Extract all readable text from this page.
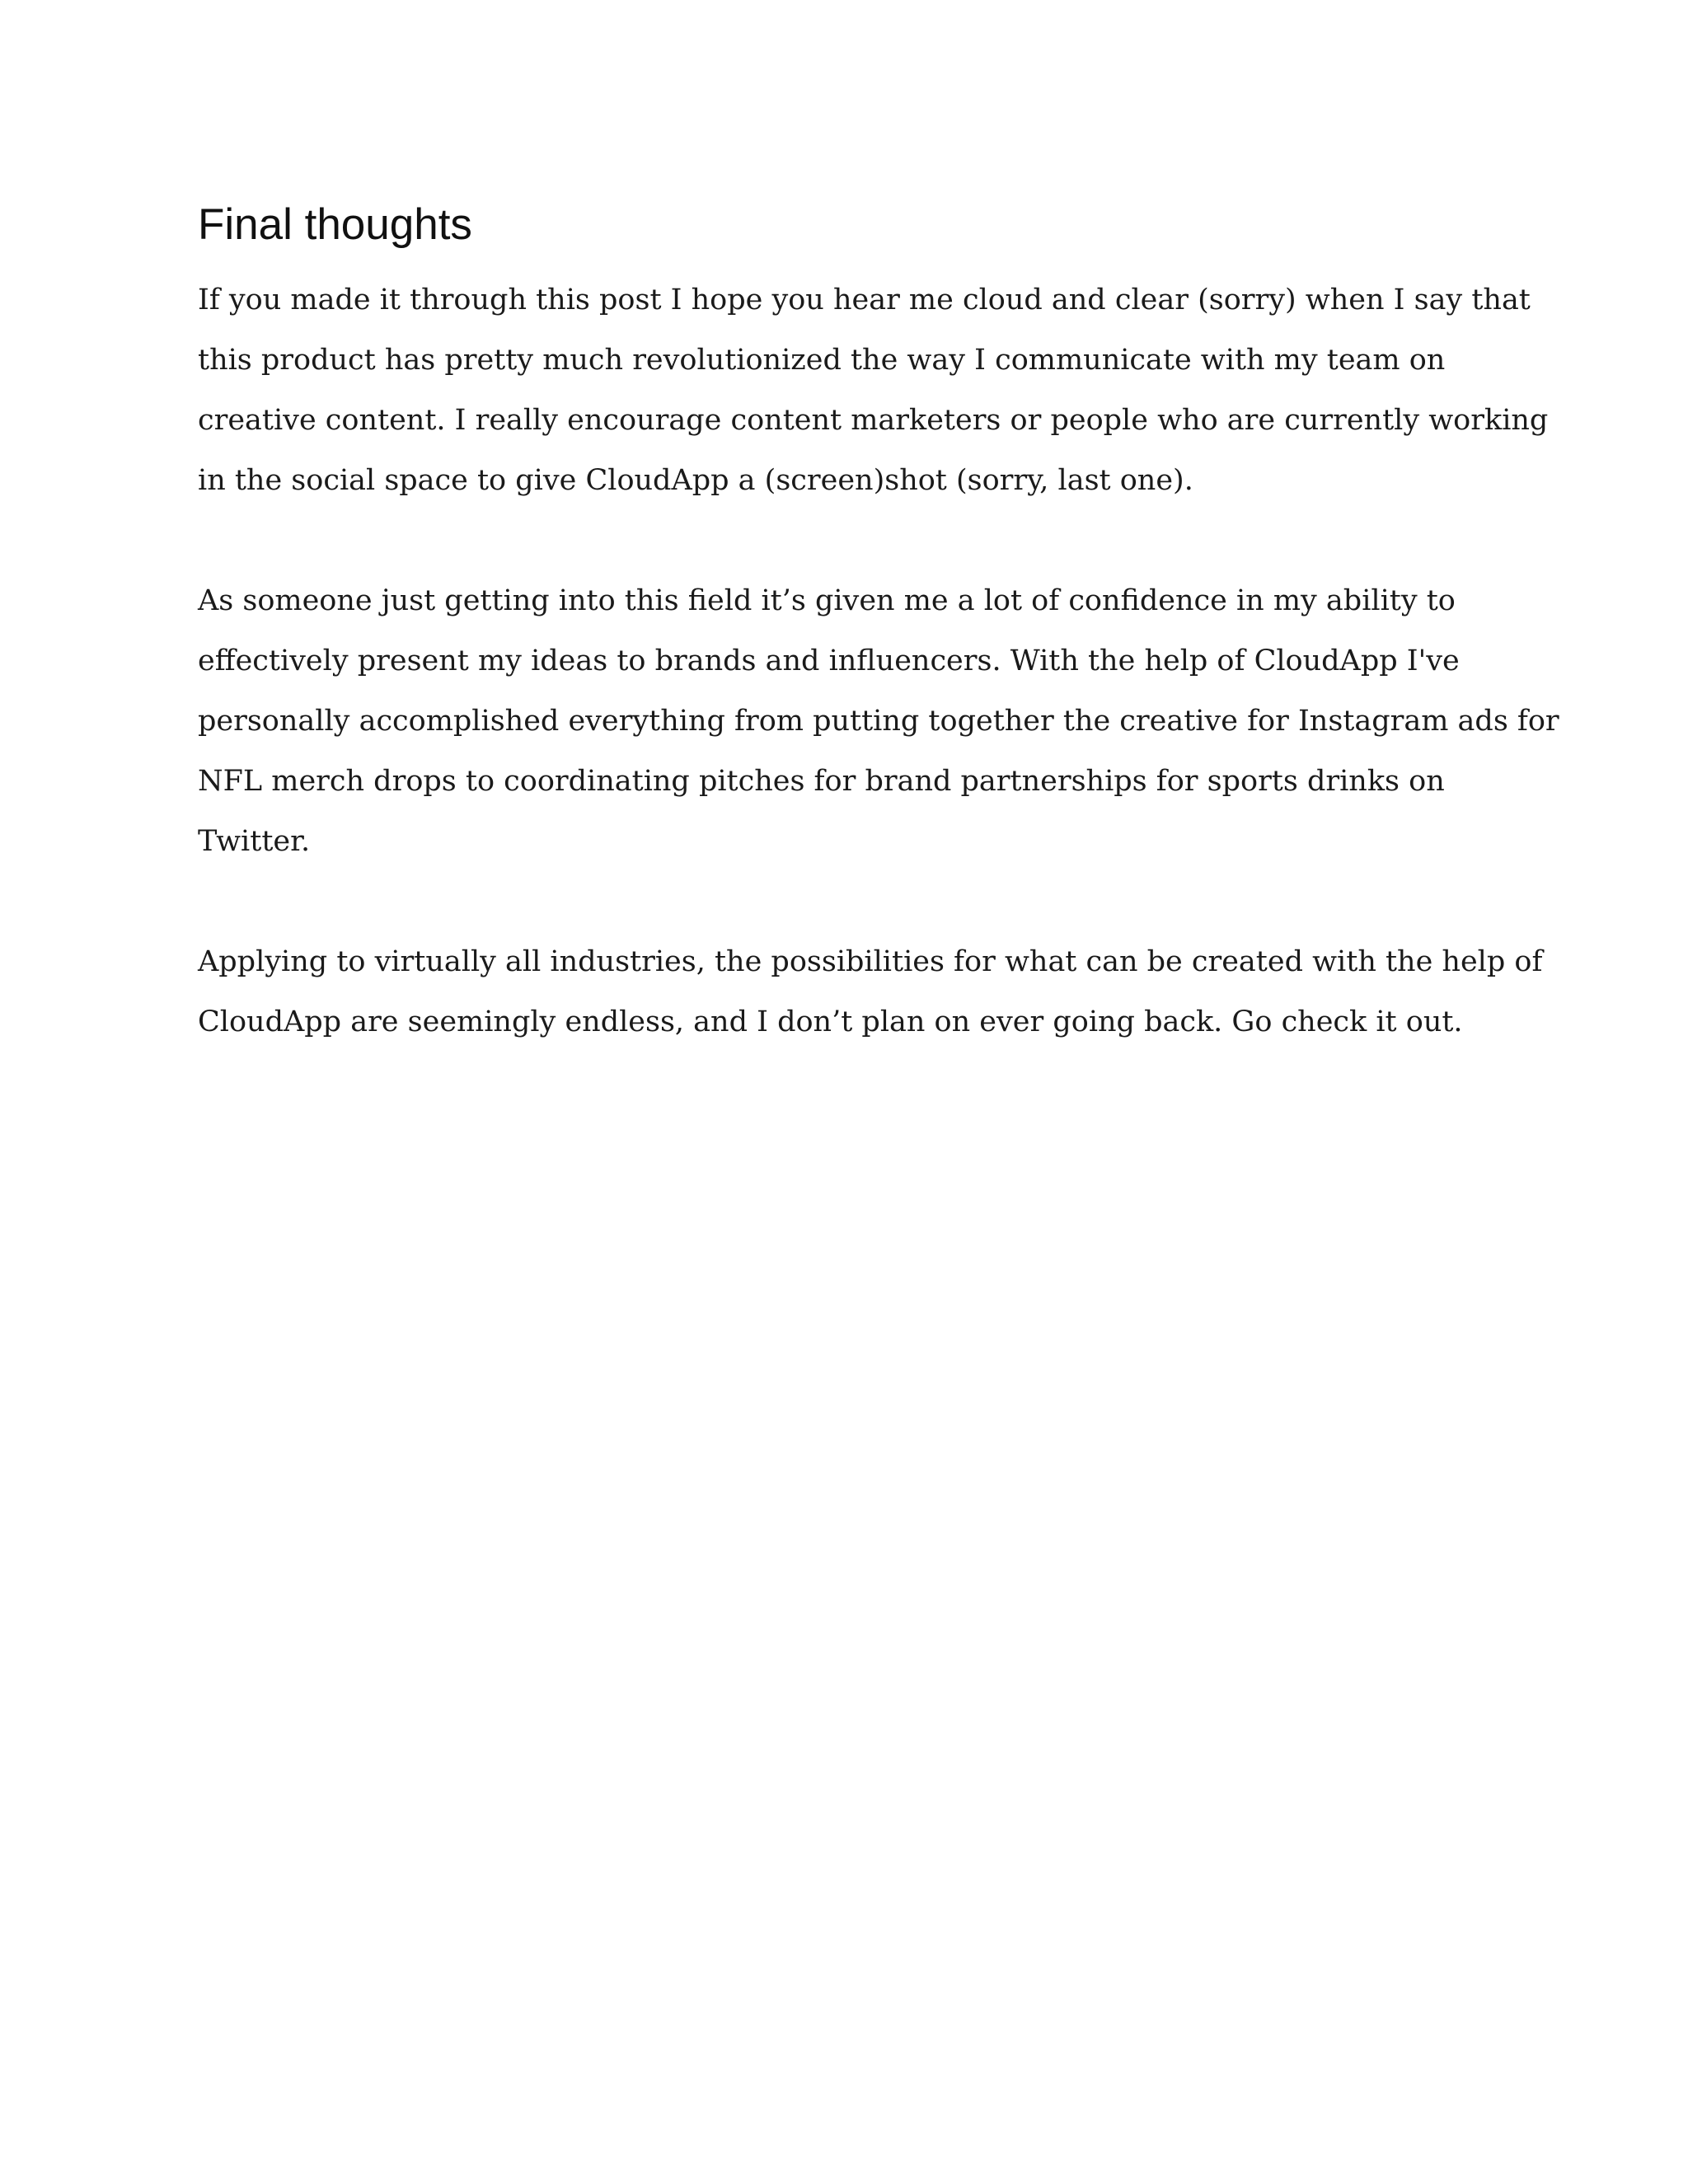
Final thoughts

If you made it through this post I hope you hear me cloud and clear (sorry) when I say that
this product has pretty much revolutionized the way I communicate with my team on
creative content. I really encourage content marketers or people who are currently working
in the social space to give CloudApp a (screen)shot (sorry, last one).

As someone just getting into this field it’s given me a lot of confidence in my ability to
effectively present my ideas to brands and influencers. With the help of CloudApp I've
personally accomplished everything from putting together the creative for Instagram ads for
NFL merch drops to coordinating pitches for brand partnerships for sports drinks on
Twitter.

Applying to virtually all industries, the possibilities for what can be created with the help of
CloudApp are seemingly endless, and I don’t plan on ever going back. Go check it out.
